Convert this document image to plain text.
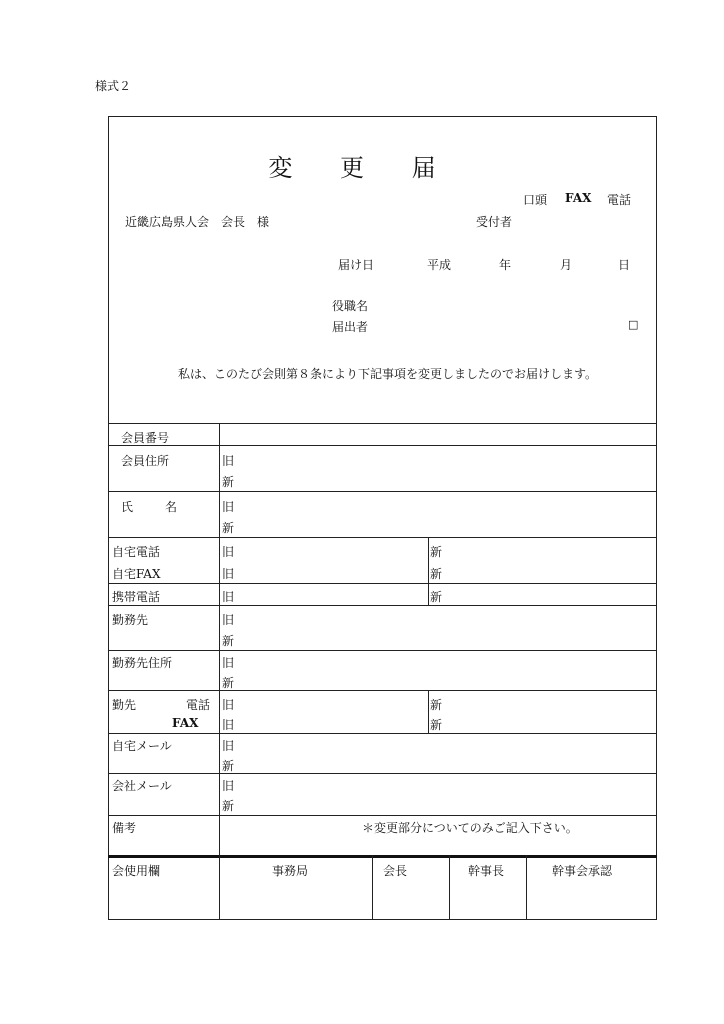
様式２
変 更 届
口頭 FAX 電話
近畿広島県人会　会長　様	受付者
届け日	平成	年	月	日
役職名
届出者	□
私は、このたび会則第８条により下記事項を変更しましたのでお届けします。
会員番号
会員住所	旧
新
氏	名	旧
新
自宅電話	旧	新
自宅FAX	旧	新
携帯電話	旧	新
勤務先	旧
新
勤務先住所	旧
新
勤先	電話 旧	新
FAX 旧	新
自宅メール	旧
新
会社メール	旧
新
備考	＊変更部分についてのみご記入下さい。
会使用欄	事務局	会長	幹事長	幹事会承認
